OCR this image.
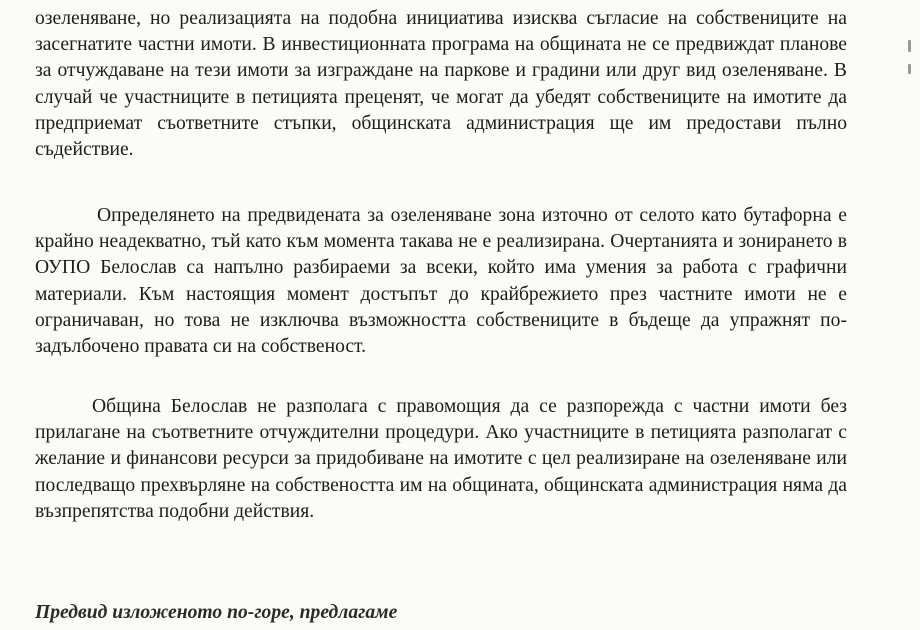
озеленяване, но реализацията на подобна инициатива изисква съгласие на собствениците на засегнатите частни имоти. В инвестиционната програма на общината не се предвиждат планове за отчуждаване на тези имоти за изграждане на паркове и градини или друг вид озеленяване. В случай че участниците в петицията преценят, че могат да убедят собствениците на имотите да предприемат съответните стъпки, общинската администрация ще им предостави пълно съдействие.

Определянето на предвидената за озеленяване зона източно от селото като бутафорна е крайно неадекватно, тъй като към момента такава не е реализирана. Очертанията и зонирането в ОУПО Белослав са напълно разбираеми за всеки, който има умения за работа с графични материали. Към настоящия момент достъпът до крайбрежието през частните имоти не е ограничаван, но това не изключва възможността собствениците в бъдеще да упражнят по-задълбочено правата си на собственост.

Община Белослав не разполага с правомощия да се разпорежда с частни имоти без прилагане на съответните отчуждителни процедури. Ако участниците в петицията разполагат с желание и финансови ресурси за придобиване на имотите с цел реализиране на озеленяване или последващо прехвърляне на собствеността им на общината, общинската администрация няма да възпрепятства подобни действия.

Предвид изложеното по-горе, предлагаме
